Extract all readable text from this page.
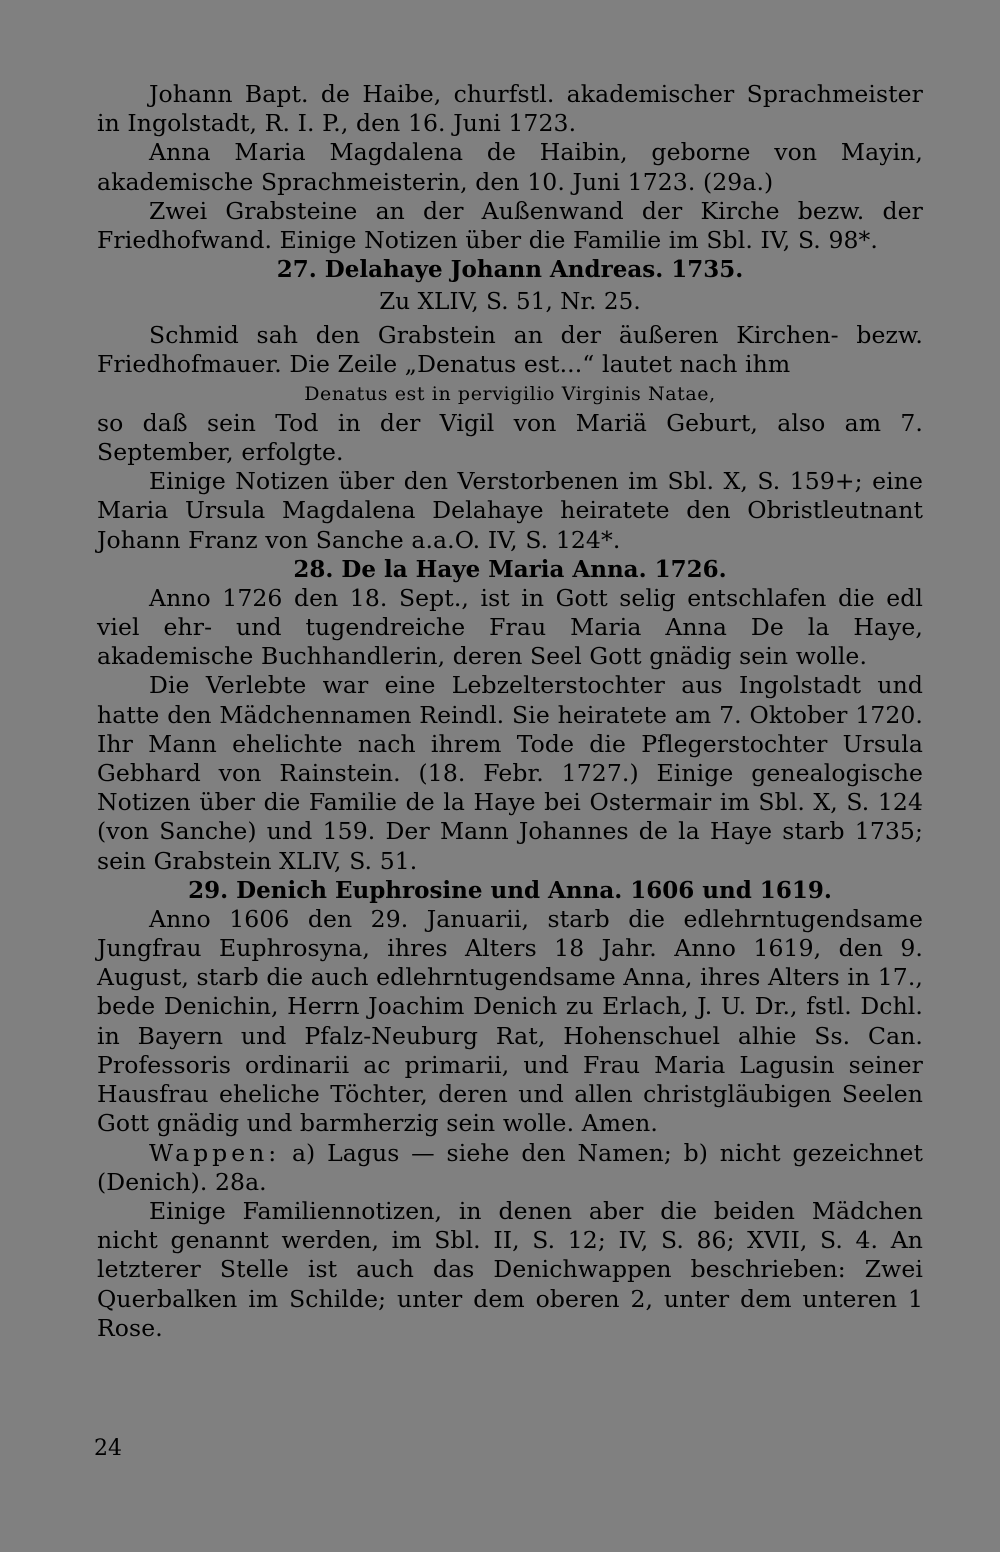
Johann Bapt. de Haibe, churfstl. akademischer Sprachmeister in Ingolstadt, R. I. P., den 16. Juni 1723.

Anna Maria Magdalena de Haibin, geborne von Mayin, akademische Sprachmeisterin, den 10. Juni 1723. (29a.)

Zwei Grabsteine an der Außenwand der Kirche bezw. der Friedhofwand. Einige Notizen über die Familie im Sbl. IV, S. 98*.

27. Delahaye Johann Andreas. 1735.

Zu XLIV, S. 51, Nr. 25.

Schmid sah den Grabstein an der äußeren Kirchen- bezw. Friedhofmauer. Die Zeile „Denatus est...“ lautet nach ihm

Denatus est in pervigilio Virginis Natae,

so daß sein Tod in der Vigil von Mariä Geburt, also am 7. September, erfolgte.

Einige Notizen über den Verstorbenen im Sbl. X, S. 159+; eine Maria Ursula Magdalena Delahaye heiratete den Obristleutnant Johann Franz von Sanche a.a.O. IV, S. 124*.

28. De la Haye Maria Anna. 1726.

Anno 1726 den 18. Sept., ist in Gott selig entschlafen die edl viel ehr- und tugendreiche Frau Maria Anna De la Haye, akademische Buchhandlerin, deren Seel Gott gnädig sein wolle.

Die Verlebte war eine Lebzelterstochter aus Ingolstadt und hatte den Mädchennamen Reindl. Sie heiratete am 7. Oktober 1720. Ihr Mann ehelichte nach ihrem Tode die Pflegerstochter Ursula Gebhard von Rainstein. (18. Febr. 1727.) Einige genealogische Notizen über die Familie de la Haye bei Ostermair im Sbl. X, S. 124 (von Sanche) und 159. Der Mann Johannes de la Haye starb 1735; sein Grabstein XLIV, S. 51.

29. Denich Euphrosine und Anna. 1606 und 1619.

Anno 1606 den 29. Januarii, starb die edlehrntugendsame Jungfrau Euphrosyna, ihres Alters 18 Jahr. Anno 1619, den 9. August, starb die auch edlehrntugendsame Anna, ihres Alters in 17., bede Denichin, Herrn Joachim Denich zu Erlach, J. U. Dr., fstl. Dchl. in Bayern und Pfalz-Neuburg Rat, Hohenschuel alhie Ss. Can. Professoris ordinarii ac primarii, und Frau Maria Lagusin seiner Hausfrau eheliche Töchter, deren und allen christgläubigen Seelen Gott gnädig und barmherzig sein wolle. Amen.

Wappen: a) Lagus — siehe den Namen; b) nicht gezeichnet (Denich). 28a.

Einige Familiennotizen, in denen aber die beiden Mädchen nicht genannt werden, im Sbl. II, S. 12; IV, S. 86; XVII, S. 4. An letzterer Stelle ist auch das Denichwappen beschrieben: Zwei Querbalken im Schilde; unter dem oberen 2, unter dem unteren 1 Rose.

24
